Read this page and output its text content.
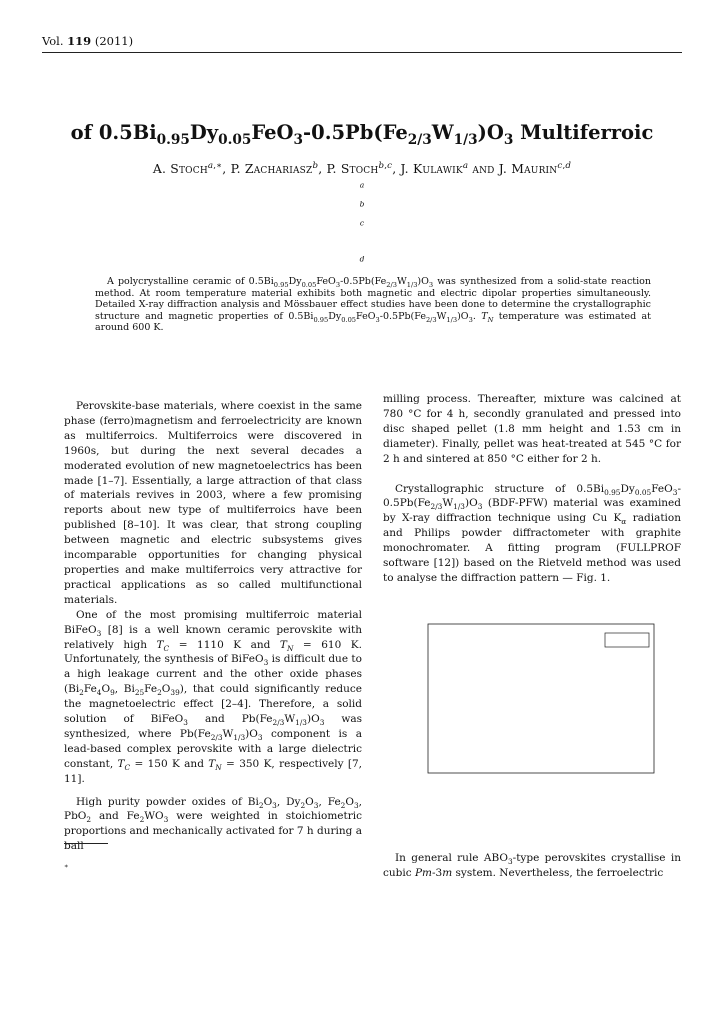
Vol. 119 (2011)
of $0.5Bi_{0.95}Dy_{0.05}FeO_3-0.5Pb(Fe_{2/3}W_{1/3})O_3$ Multiferroic
A. Stoch$^{a,∗}$, P. Zachariasz$^b$, P. Stoch$^{b,c}$, J. Kulawik$^a$ and J. Maurin$^{c,d}$
$^a$
$^b$
$^c$
$^d$

A polycrystalline ceramic of $0.5Bi_{0.95}Dy_{0.05}FeO_3-0.5Pb(Fe_{2/3}W_{1/3})O_3$ was synthesized from a solid-state reaction method. At room temperature material exhibits both magnetic and electric dipolar properties simultaneously. Detailed X-ray diffraction analysis and Mössbauer effect studies have been done to determine the crystallographic structure and magnetic properties of $0.5Bi_{0.95}Dy_{0.05}FeO_3-0.5Pb(Fe_{2/3}W_{1/3})O_3$. $T_N$ temperature was estimated at around 600 K.

Perovskite-base materials, where coexist in the same phase (ferro)magnetism and ferroelectricity are known as multiferroics. Multiferroics were discovered in 1960s, but during the next several decades a moderated evolution of new magnetoelectrics has been made [1–7]. Essentially, a large attraction of that class of materials revives in 2003, where a few promising reports about new type of multiferroics have been published [8–10]. It was clear, that strong coupling between magnetic and electric subsystems gives incomparable opportunities for changing physical properties and make multiferroics very attractive for practical applications as so called multifunctional materials.

One of the most promising multiferroic material BiFeO$_3$ [8] is a well known ceramic perovskite with relatively high $T_C = 1110$ K and $T_N = 610$ K. Unfortunately, the synthesis of BiFeO$_3$ is difficult due to a high leakage current and the other oxide phases ($Bi_2Fe_4O_9$, $Bi_{25}Fe_2O_{39}$), that could significantly reduce the magnetoelectric effect [2–4]. Therefore, a solid solution of BiFeO$_3$ and $Pb(Fe_{2/3}W_{1/3})O_3$ was synthesized, where $Pb(Fe_{2/3}W_{1/3})O_3$ component is a lead-based complex perovskite with a large dielectric constant, $T_C = 150$ K and $T_N = 350$ K, respectively [7, 11].

High purity powder oxides of $Bi_2O_3$, $Dy_2O_3$, $Fe_2O_3$, PbO$_2$ and $Fe_2WO_3$ were weighted in stoichiometric proportions and mechanically activated for 7 h during a ball

∗

milling process. Thereafter, mixture was calcined at 780 °C for 4 h, secondly granulated and pressed into disc shaped pellet (1.8 mm height and 1.53 cm in diameter). Finally, pellet was heat-treated at 545 °C for 2 h and sintered at 850 °C either for 2 h.

Crystallographic structure of $0.5Bi_{0.95}Dy_{0.05}FeO_3-0.5Pb(Fe_{2/3}W_{1/3})O_3$ (BDF-PFW) material was examined by X-ray diffraction technique using Cu $K_\alpha$ radiation and Philips powder diffractometer with graphite monochromater. A fitting program (FULLPROF software [12]) based on the Rietveld method was used to analyse the diffraction pattern — Fig. 1.

In general rule $ABO_3$-type perovskites crystallise in cubic Pm-3m system. Nevertheless, the ferroelectric
